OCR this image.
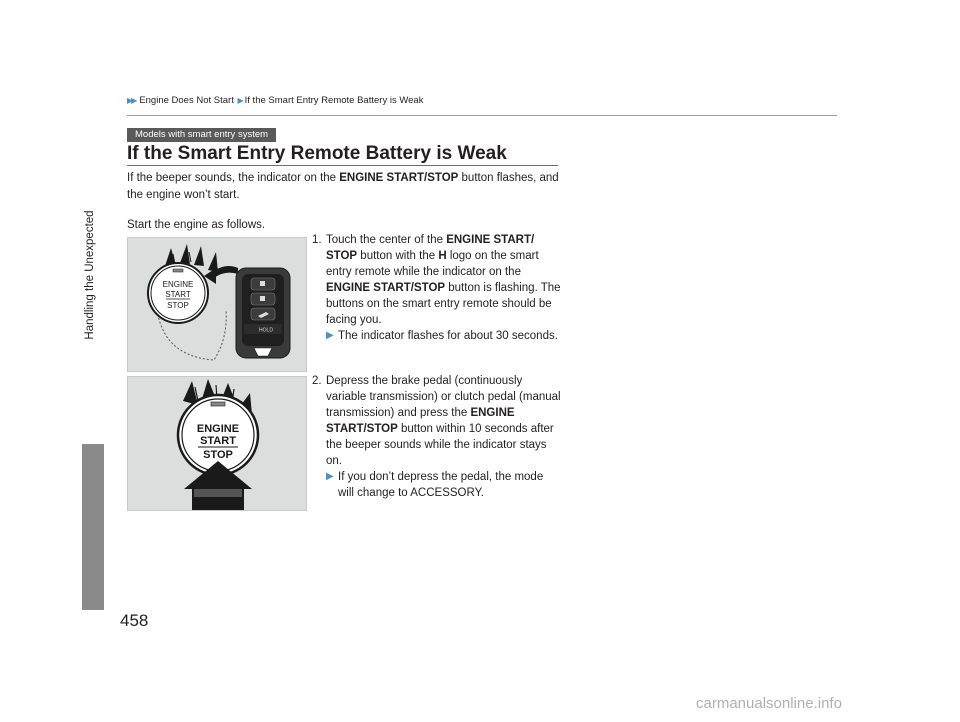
▶▶ Engine Does Not Start ▶If the Smart Entry Remote Battery is Weak
Handling the Unexpected
Models with smart entry system
If the Smart Entry Remote Battery is Weak
If the beeper sounds, the indicator on the ENGINE START/STOP button flashes, and the engine won’t start.
Start the engine as follows.
ENGINE
START
STOP
HOLD
ENGINE
START
STOP
1. Touch the center of the ENGINE START/ STOP button with the H logo on the smart entry remote while the indicator on the ENGINE START/STOP button is flashing. The buttons on the smart entry remote should be facing you.
▶ The indicator flashes for about 30 seconds.
2. Depress the brake pedal (continuously variable transmission) or clutch pedal (manual transmission) and press the ENGINE START/STOP button within 10 seconds after the beeper sounds while the indicator stays on.
▶ If you don’t depress the pedal, the mode will change to ACCESSORY.
458
carmanualsonline.info
